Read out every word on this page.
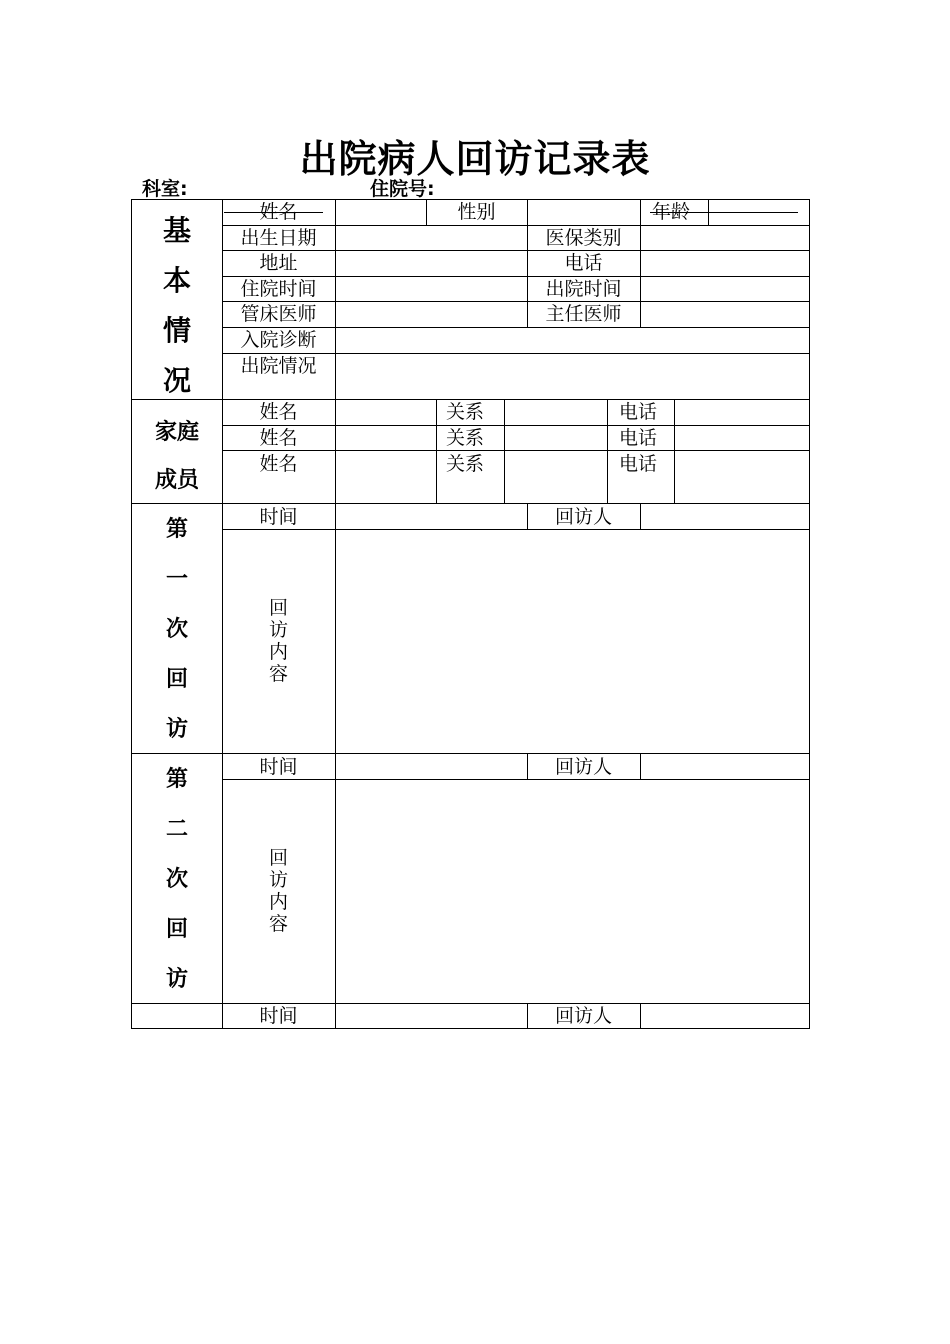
出院病人回访记录表
科室:	住院号:
基
本
情
况
姓名	性别	年龄
出生日期	医保类别
地址	电话
住院时间	出院时间
管床医师	主任医师
入院诊断
出院情况
家庭
成员
姓名	关系	电话
姓名	关系	电话
姓名	关系	电话
第
一
次
回
访
时间	回访人
回
访
内
容
第
二
次
回
访
时间	回访人
回
访
内
容
时间	回访人
